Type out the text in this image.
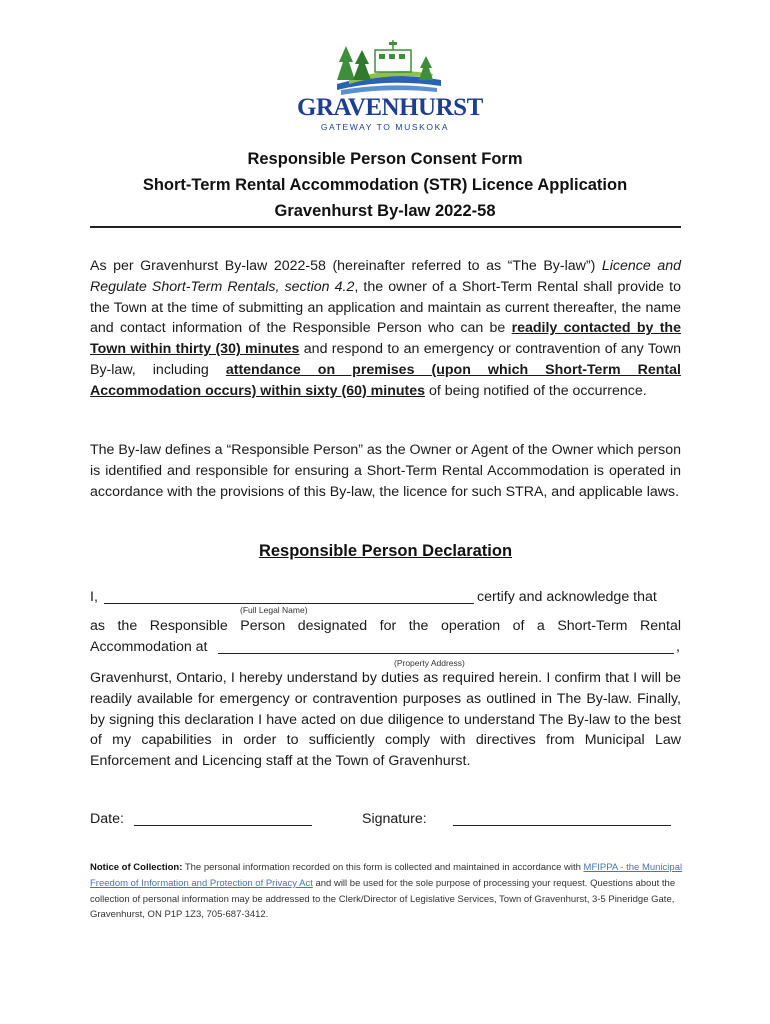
GRAVENHURST
GATEWAY TO MUSKOKA
Responsible Person Consent Form
Short-Term Rental Accommodation (STR) Licence Application
Gravenhurst By-law 2022-58
As per Gravenhurst By-law 2022-58 (hereinafter referred to as “The By-law”) Licence and Regulate Short-Term Rentals, section 4.2, the owner of a Short-Term Rental shall provide to the Town at the time of submitting an application and maintain as current thereafter, the name and contact information of the Responsible Person who can be readily contacted by the Town within thirty (30) minutes and respond to an emergency or contravention of any Town By-law, including attendance on premises (upon which Short-Term Rental Accommodation occurs) within sixty (60) minutes of being notified of the occurrence.
The By-law defines a “Responsible Person” as the Owner or Agent of the Owner which person is identified and responsible for ensuring a Short-Term Rental Accommodation is operated in accordance with the provisions of this By-law, the licence for such STRA, and applicable laws.
Responsible Person Declaration
I,	certify and acknowledge that
(Full Legal Name)
as the Responsible Person designated for the operation of a Short-Term Rental
Accommodation at	,
(Property Address)
Gravenhurst, Ontario, I hereby understand by duties as required herein. I confirm that I will be readily available for emergency or contravention purposes as outlined in The By-law. Finally, by signing this declaration I have acted on due diligence to understand The By-law to the best of my capabilities in order to sufficiently comply with directives from Municipal Law Enforcement and Licencing staff at the Town of Gravenhurst.
Date:	Signature:
Notice of Collection: The personal information recorded on this form is collected and maintained in accordance with MFIPPA - the Municipal Freedom of Information and Protection of Privacy Act and will be used for the sole purpose of processing your request. Questions about the collection of personal information may be addressed to the Clerk/Director of Legislative Services, Town of Gravenhurst, 3-5 Pineridge Gate, Gravenhurst, ON P1P 1Z3, 705-687-3412.
